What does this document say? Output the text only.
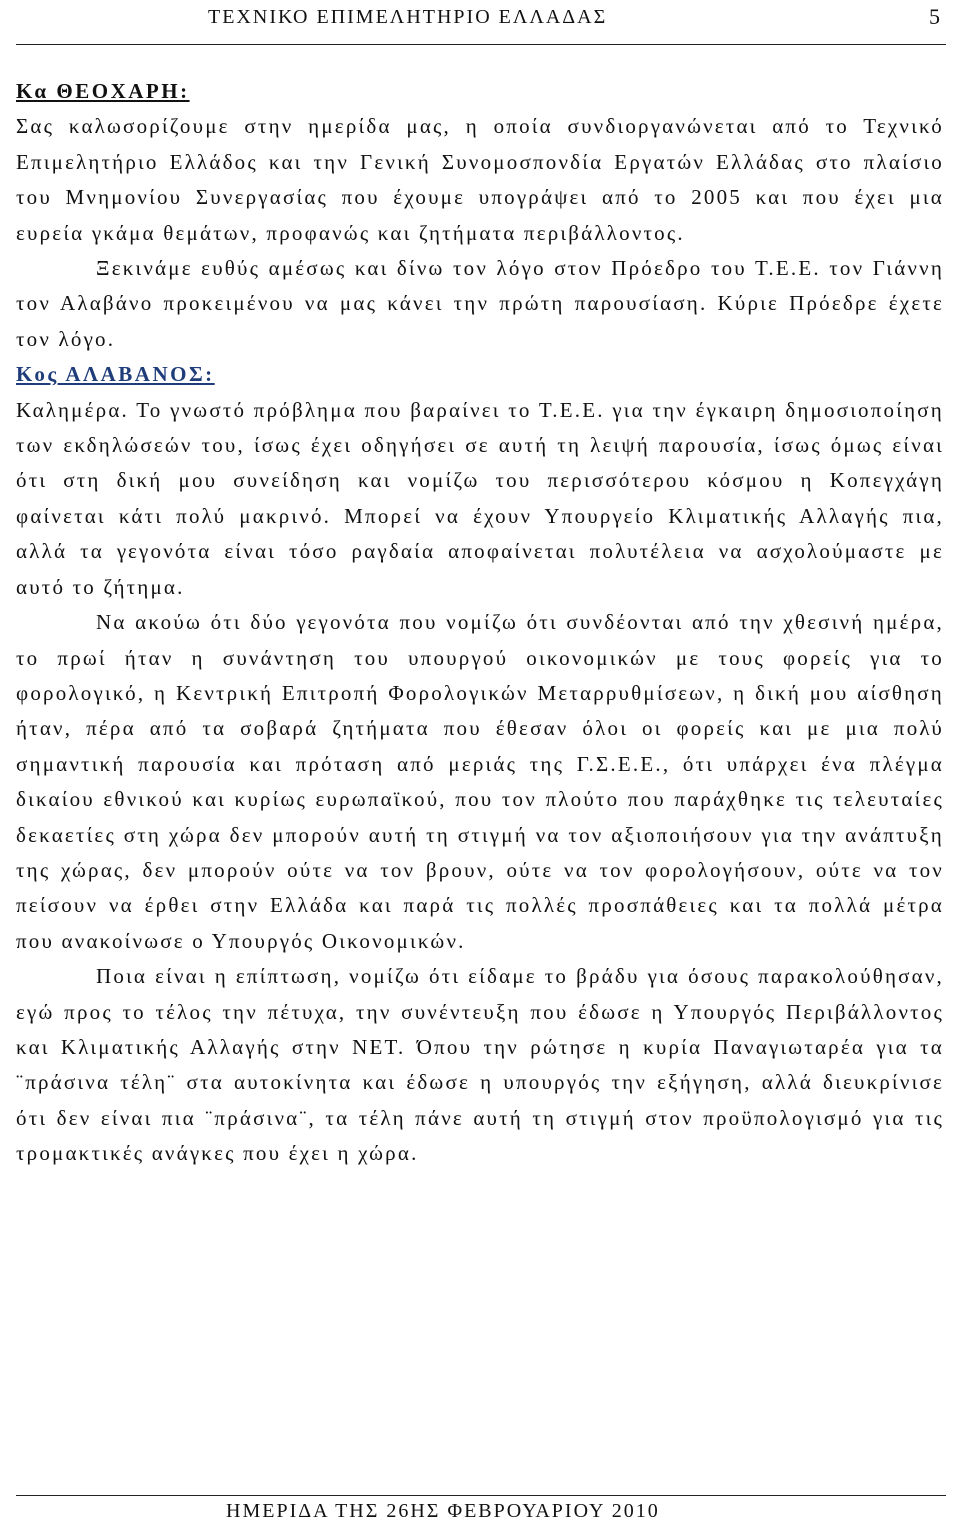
ΤΕΧΝΙΚΟ ΕΠΙΜΕΛΗΤΗΡΙΟ ΕΛΛΑΔΑΣ	5
Κα ΘΕΟΧΑΡΗ:

Σας καλωσορίζουμε στην ημερίδα μας, η οποία συνδιοργανώνεται από το Τεχνικό Επιμελητήριο Ελλάδος και την Γενική Συνομοσπονδία Εργατών Ελλάδας στο πλαίσιο του Μνημονίου Συνεργασίας που έχουμε υπογράψει από το 2005 και που έχει μια ευρεία γκάμα θεμάτων, προφανώς και ζητήματα περιβάλλοντος.

Ξεκινάμε ευθύς αμέσως και δίνω τον λόγο στον Πρόεδρο του Τ.Ε.Ε. τον Γιάννη τον Αλαβάνο προκειμένου να μας κάνει την πρώτη παρουσίαση. Κύριε Πρόεδρε έχετε τον λόγο.

Κος ΑΛΑΒΑΝΟΣ:

Καλημέρα. Το γνωστό πρόβλημα που βαραίνει το Τ.Ε.Ε. για την έγκαιρη δημοσιοποίηση των εκδηλώσεών του, ίσως έχει οδηγήσει σε αυτή τη λειψή παρουσία, ίσως όμως είναι ότι στη δική μου συνείδηση και νομίζω του περισσότερου κόσμου η Κοπεγχάγη φαίνεται κάτι πολύ μακρινό. Μπορεί να έχουν Υπουργείο Κλιματικής Αλλαγής πια, αλλά τα γεγονότα είναι τόσο ραγδαία αποφαίνεται πολυτέλεια να ασχολούμαστε με αυτό το ζήτημα.

Να ακούω ότι δύο γεγονότα που νομίζω ότι συνδέονται από την χθεσινή ημέρα, το πρωί ήταν η συνάντηση του υπουργού οικονομικών με τους φορείς για το φορολογικό, η Κεντρική Επιτροπή Φορολογικών Μεταρρυθμίσεων, η δική μου αίσθηση ήταν, πέρα από τα σοβαρά ζητήματα που έθεσαν όλοι οι φορείς και με μια πολύ σημαντική παρουσία και πρόταση από μεριάς της Γ.Σ.Ε.Ε., ότι υπάρχει ένα πλέγμα δικαίου εθνικού και κυρίως ευρωπαϊκού, που τον πλούτο που παράχθηκε τις τελευταίες δεκαετίες στη χώρα δεν μπορούν αυτή τη στιγμή να τον αξιοποιήσουν για την ανάπτυξη της χώρας, δεν μπορούν ούτε να τον βρουν, ούτε να τον φορολογήσουν, ούτε να τον πείσουν να έρθει στην Ελλάδα και παρά τις πολλές προσπάθειες και τα πολλά μέτρα που ανακοίνωσε ο Υπουργός Οικονομικών.

Ποια είναι η επίπτωση, νομίζω ότι είδαμε το βράδυ για όσους παρακολούθησαν, εγώ προς το τέλος την πέτυχα, την συνέντευξη που έδωσε η Υπουργός Περιβάλλοντος και Κλιματικής Αλλαγής στην ΝΕΤ. Όπου την ρώτησε η κυρία Παναγιωταρέα για τα ¨πράσινα τέλη¨ στα αυτοκίνητα και έδωσε η υπουργός την εξήγηση, αλλά διευκρίνισε ότι δεν είναι πια ¨πράσινα¨, τα τέλη πάνε αυτή τη στιγμή στον προϋπολογισμό για τις τρομακτικές ανάγκες που έχει η χώρα.

ΗΜΕΡΙΔΑ ΤΗΣ 26ΗΣ ΦΕΒΡΟΥΑΡΙΟΥ 2010
